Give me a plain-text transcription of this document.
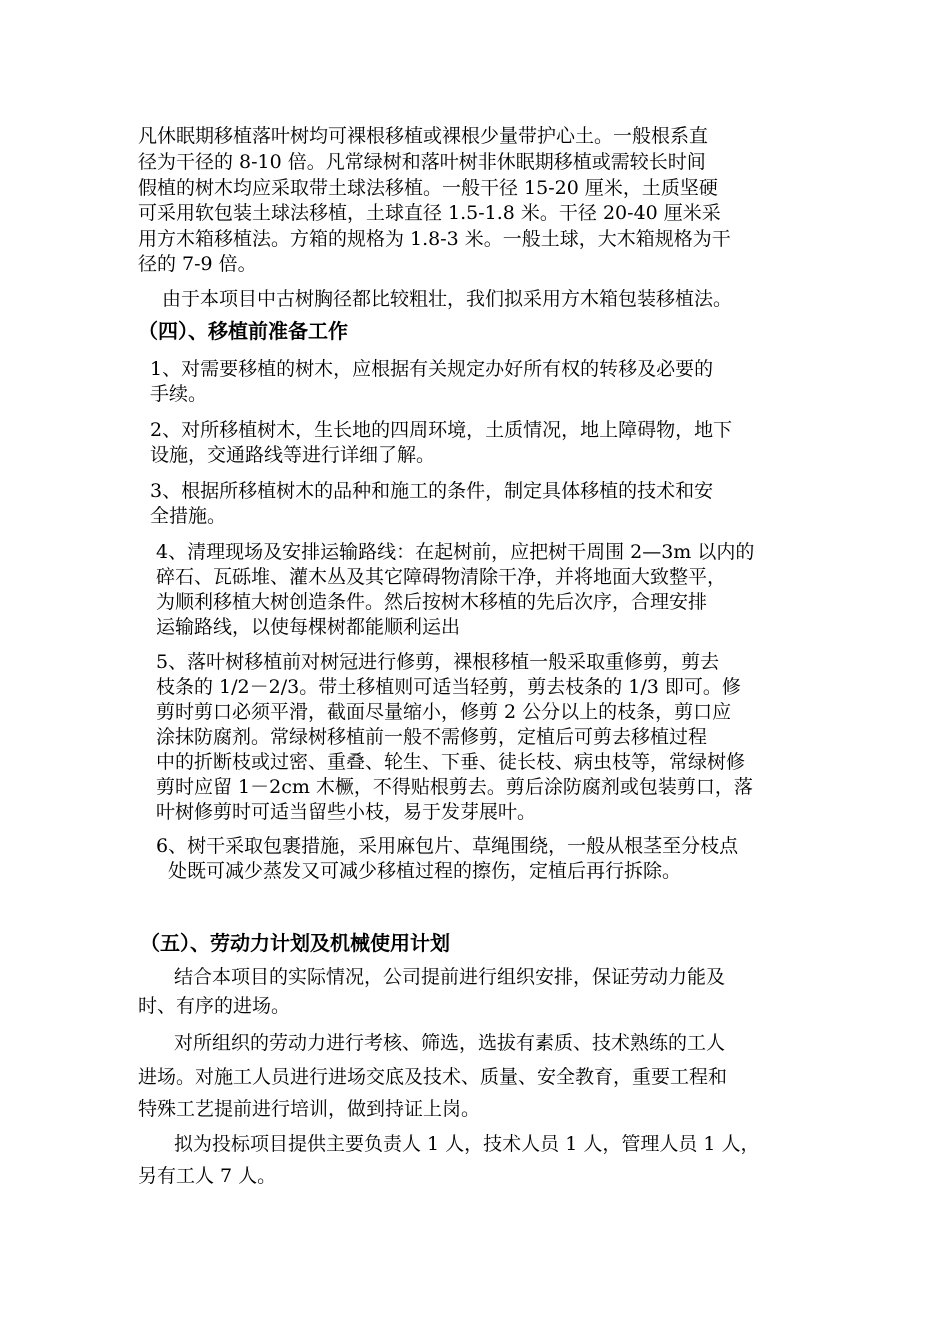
凡休眠期移植落叶树均可裸根移植或裸根少量带护心土。一般根系直
径为干径的 8-10 倍。凡常绿树和落叶树非休眠期移植或需较长时间
假植的树木均应采取带土球法移植。一般干径 15-20 厘米，土质坚硬
可采用软包装土球法移植，土球直径 1.5-1.8 米。干径 20-40 厘米采
用方木箱移植法。方箱的规格为 1.8-3 米。一般土球，大木箱规格为干
径的 7-9 倍。
由于本项目中古树胸径都比较粗壮，我们拟采用方木箱包装移植法。
（四）、移植前准备工作
1、对需要移植的树木，应根据有关规定办好所有权的转移及必要的
手续。
2、对所移植树木，生长地的四周环境，土质情况，地上障碍物，地下
设施，交通路线等进行详细了解。
3、根据所移植树木的品种和施工的条件，制定具体移植的技术和安
全措施。
4、清理现场及安排运输路线：在起树前，应把树干周围 2—3m 以内的
碎石、瓦砾堆、灌木丛及其它障碍物清除干净，并将地面大致整平，
为顺利移植大树创造条件。然后按树木移植的先后次序，合理安排
运输路线，以使每棵树都能顺利运出
5、落叶树移植前对树冠进行修剪，裸根移植一般采取重修剪，剪去
枝条的 1/2－2/3。带土移植则可适当轻剪，剪去枝条的 1/3 即可。修
剪时剪口必须平滑，截面尽量缩小，修剪 2 公分以上的枝条，剪口应
涂抹防腐剂。常绿树移植前一般不需修剪，定植后可剪去移植过程
中的折断枝或过密、重叠、轮生、下垂、徒长枝、病虫枝等，常绿树修
剪时应留 1－2cm 木橛，不得贴根剪去。剪后涂防腐剂或包装剪口，落
叶树修剪时可适当留些小枝，易于发芽展叶。
6、树干采取包裹措施，采用麻包片、草绳围绕，一般从根茎至分枝点
处既可减少蒸发又可减少移植过程的擦伤，定植后再行拆除。
（五）、劳动力计划及机械使用计划
结合本项目的实际情况，公司提前进行组织安排，保证劳动力能及
时、有序的进场。
对所组织的劳动力进行考核、筛选，选拔有素质、技术熟练的工人
进场。对施工人员进行进场交底及技术、质量、安全教育，重要工程和
特殊工艺提前进行培训，做到持证上岗。
拟为投标项目提供主要负责人 1 人，技术人员 1 人，管理人员 1 人，
另有工人 7 人。
